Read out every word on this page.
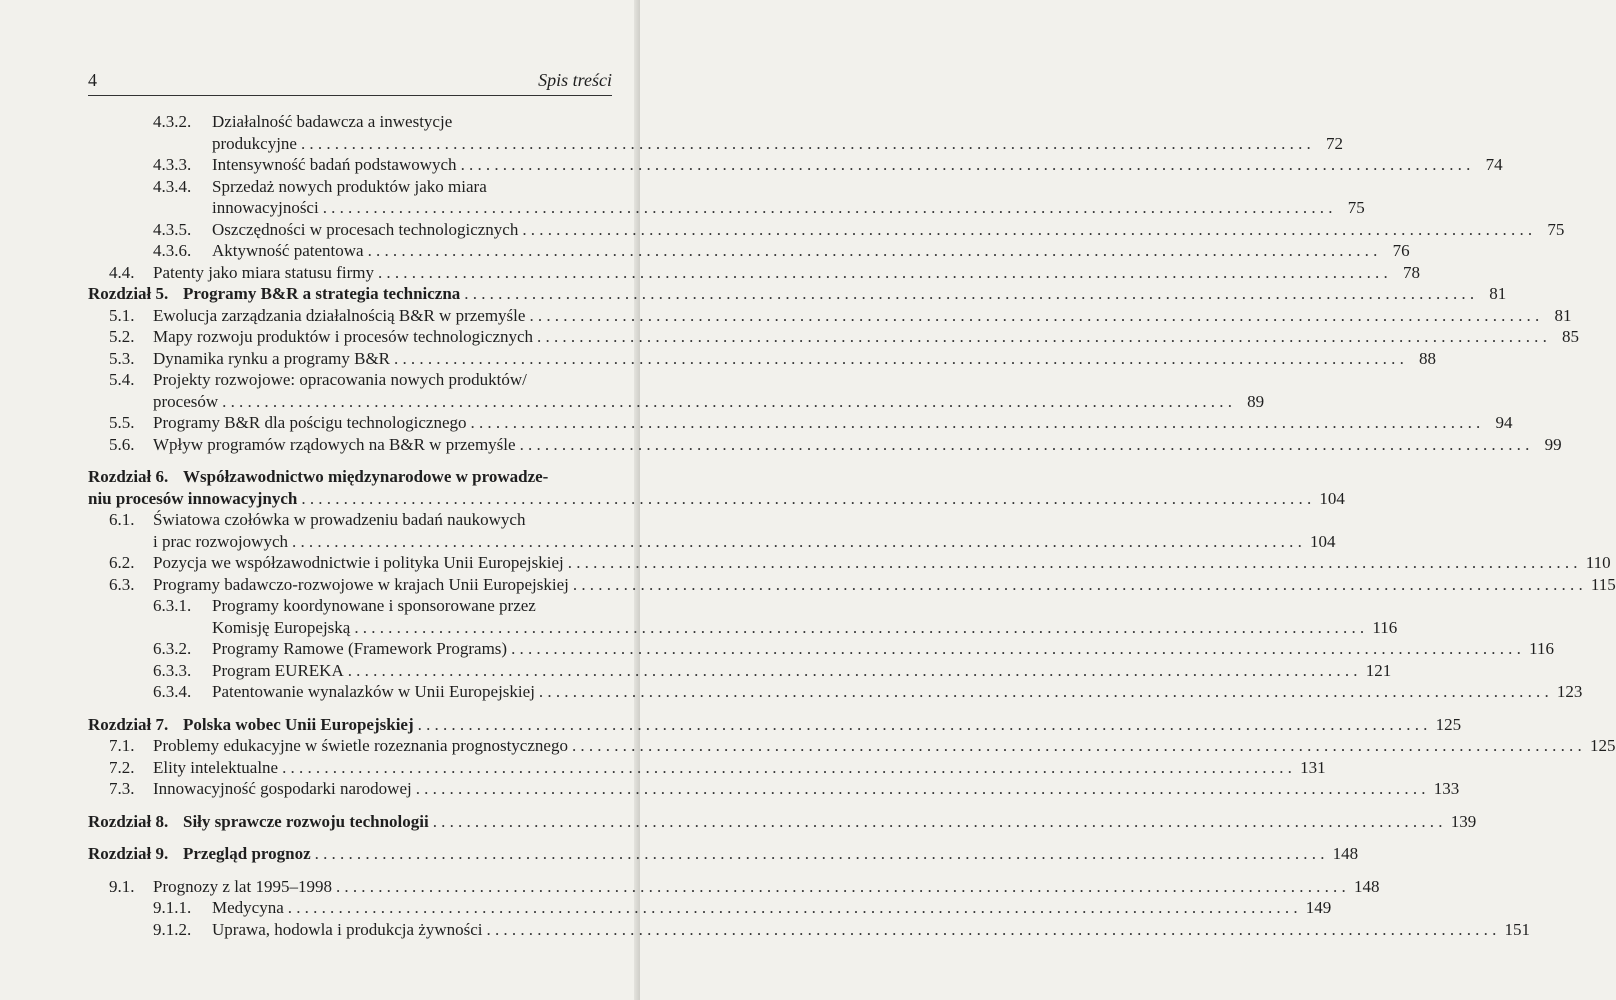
4	Spis treści
4.3.2. Działalność badawcza a inwestycje
produkcyjne ........................................................................................................................ 72
4.3.3. Intensywność badań podstawowych ........................................................................................................................ 74
4.3.4. Sprzedaż nowych produktów jako miara
innowacyjności ........................................................................................................................ 75
4.3.5. Oszczędności w procesach technologicznych ........................................................................................................................ 75
4.3.6. Aktywność patentowa ........................................................................................................................ 76
4.4. Patenty jako miara statusu firmy ........................................................................................................................ 78
Rozdział 5. Programy B&R a strategia techniczna ........................................................................................................................ 81
5.1. Ewolucja zarządzania działalnością B&R w przemyśle ........................................................................................................................ 81
5.2. Mapy rozwoju produktów i procesów technologicznych ........................................................................................................................ 85
5.3. Dynamika rynku a programy B&R ........................................................................................................................ 88
5.4. Projekty rozwojowe: opracowania nowych produktów/
procesów ........................................................................................................................ 89
5.5. Programy B&R dla pościgu technologicznego ........................................................................................................................ 94
5.6. Wpływ programów rządowych na B&R w przemyśle ........................................................................................................................ 99
Rozdział 6. Współzawodnictwo międzynarodowe w prowadze-
niu procesów innowacyjnych ........................................................................................................................ 104
6.1. Światowa czołówka w prowadzeniu badań naukowych
i prac rozwojowych ........................................................................................................................ 104
6.2. Pozycja we współzawodnictwie i polityka Unii Europejskiej ........................................................................................................................ 110
6.3. Programy badawczo-rozwojowe w krajach Unii Europejskiej ........................................................................................................................ 115
6.3.1. Programy koordynowane i sponsorowane przez
Komisję Europejską ........................................................................................................................ 116
6.3.2. Programy Ramowe (Framework Programs) ........................................................................................................................ 116
6.3.3. Program EUREKA ........................................................................................................................ 121
6.3.4. Patentowanie wynalazków w Unii Europejskiej ........................................................................................................................ 123
Rozdział 7. Polska wobec Unii Europejskiej ........................................................................................................................ 125
7.1. Problemy edukacyjne w świetle rozeznania prognostycznego ........................................................................................................................ 125
7.2. Elity intelektualne ........................................................................................................................ 131
7.3. Innowacyjność gospodarki narodowej ........................................................................................................................ 133
Rozdział 8. Siły sprawcze rozwoju technologii ........................................................................................................................ 139
Rozdział 9. Przegląd prognoz ........................................................................................................................ 148
9.1. Prognozy z lat 1995–1998 ........................................................................................................................ 148
9.1.1. Medycyna ........................................................................................................................ 149
9.1.2. Uprawa, hodowla i produkcja żywności ........................................................................................................................ 151
